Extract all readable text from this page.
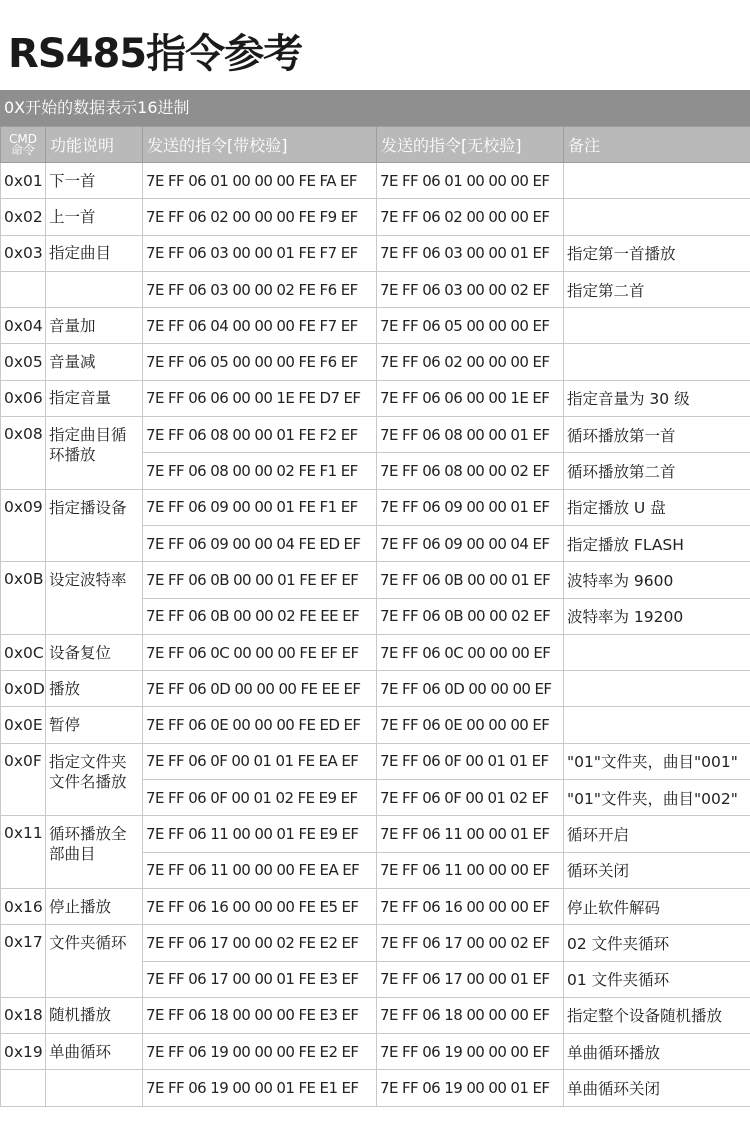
RS485指令参考
0X开始的数据表示16进制
CMD
命令	功能说明	发送的指令[带校验]	发送的指令[无校验]	备注
0x01	下一首	7E FF 06 01 00 00 00 FE FA EF	7E FF 06 01 00 00 00 EF	
0x02	上一首	7E FF 06 02 00 00 00 FE F9 EF	7E FF 06 02 00 00 00 EF	
0x03	指定曲目	7E FF 06 03 00 00 01 FE F7 EF	7E FF 06 03 00 00 01 EF	指定第一首播放
		7E FF 06 03 00 00 02 FE F6 EF	7E FF 06 03 00 00 02 EF	指定第二首
0x04	音量加	7E FF 06 04 00 00 00 FE F7 EF	7E FF 06 05 00 00 00 EF	
0x05	音量减	7E FF 06 05 00 00 00 FE F6 EF	7E FF 06 02 00 00 00 EF	
0x06	指定音量	7E FF 06 06 00 00 1E FE D7 EF	7E FF 06 06 00 00 1E EF	指定音量为 30 级
0x08	指定曲目循环播放	7E FF 06 08 00 00 01 FE F2 EF	7E FF 06 08 00 00 01 EF	循环播放第一首
		7E FF 06 08 00 00 02 FE F1 EF	7E FF 06 08 00 00 02 EF	循环播放第二首
0x09	指定播设备	7E FF 06 09 00 00 01 FE F1 EF	7E FF 06 09 00 00 01 EF	指定播放 U 盘
		7E FF 06 09 00 00 04 FE ED EF	7E FF 06 09 00 00 04 EF	指定播放 FLASH
0x0B	设定波特率	7E FF 06 0B 00 00 01 FE EF EF	7E FF 06 0B 00 00 01 EF	波特率为 9600
		7E FF 06 0B 00 00 02 FE EE EF	7E FF 06 0B 00 00 02 EF	波特率为 19200
0x0C	设备复位	7E FF 06 0C 00 00 00 FE EF EF	7E FF 06 0C 00 00 00 EF	
0x0D	播放	7E FF 06 0D 00 00 00 FE EE EF	7E FF 06 0D 00 00 00 EF	
0x0E	暂停	7E FF 06 0E 00 00 00 FE ED EF	7E FF 06 0E 00 00 00 EF	
0x0F	指定文件夹文件名播放	7E FF 06 0F 00 01 01 FE EA EF	7E FF 06 0F 00 01 01 EF	"01"文件夹，曲目"001"
		7E FF 06 0F 00 01 02 FE E9 EF	7E FF 06 0F 00 01 02 EF	"01"文件夹，曲目"002"
0x11	循环播放全部曲目	7E FF 06 11 00 00 01 FE E9 EF	7E FF 06 11 00 00 01 EF	循环开启
		7E FF 06 11 00 00 00 FE EA EF	7E FF 06 11 00 00 00 EF	循环关闭
0x16	停止播放	7E FF 06 16 00 00 00 FE E5 EF	7E FF 06 16 00 00 00 EF	停止软件解码
0x17	文件夹循环	7E FF 06 17 00 00 02 FE E2 EF	7E FF 06 17 00 00 02 EF	02 文件夹循环
		7E FF 06 17 00 00 01 FE E3 EF	7E FF 06 17 00 00 01 EF	01 文件夹循环
0x18	随机播放	7E FF 06 18 00 00 00 FE E3 EF	7E FF 06 18 00 00 00 EF	指定整个设备随机播放
0x19	单曲循环	7E FF 06 19 00 00 00 FE E2 EF	7E FF 06 19 00 00 00 EF	单曲循环播放
		7E FF 06 19 00 00 01 FE E1 EF	7E FF 06 19 00 00 01 EF	单曲循环关闭
